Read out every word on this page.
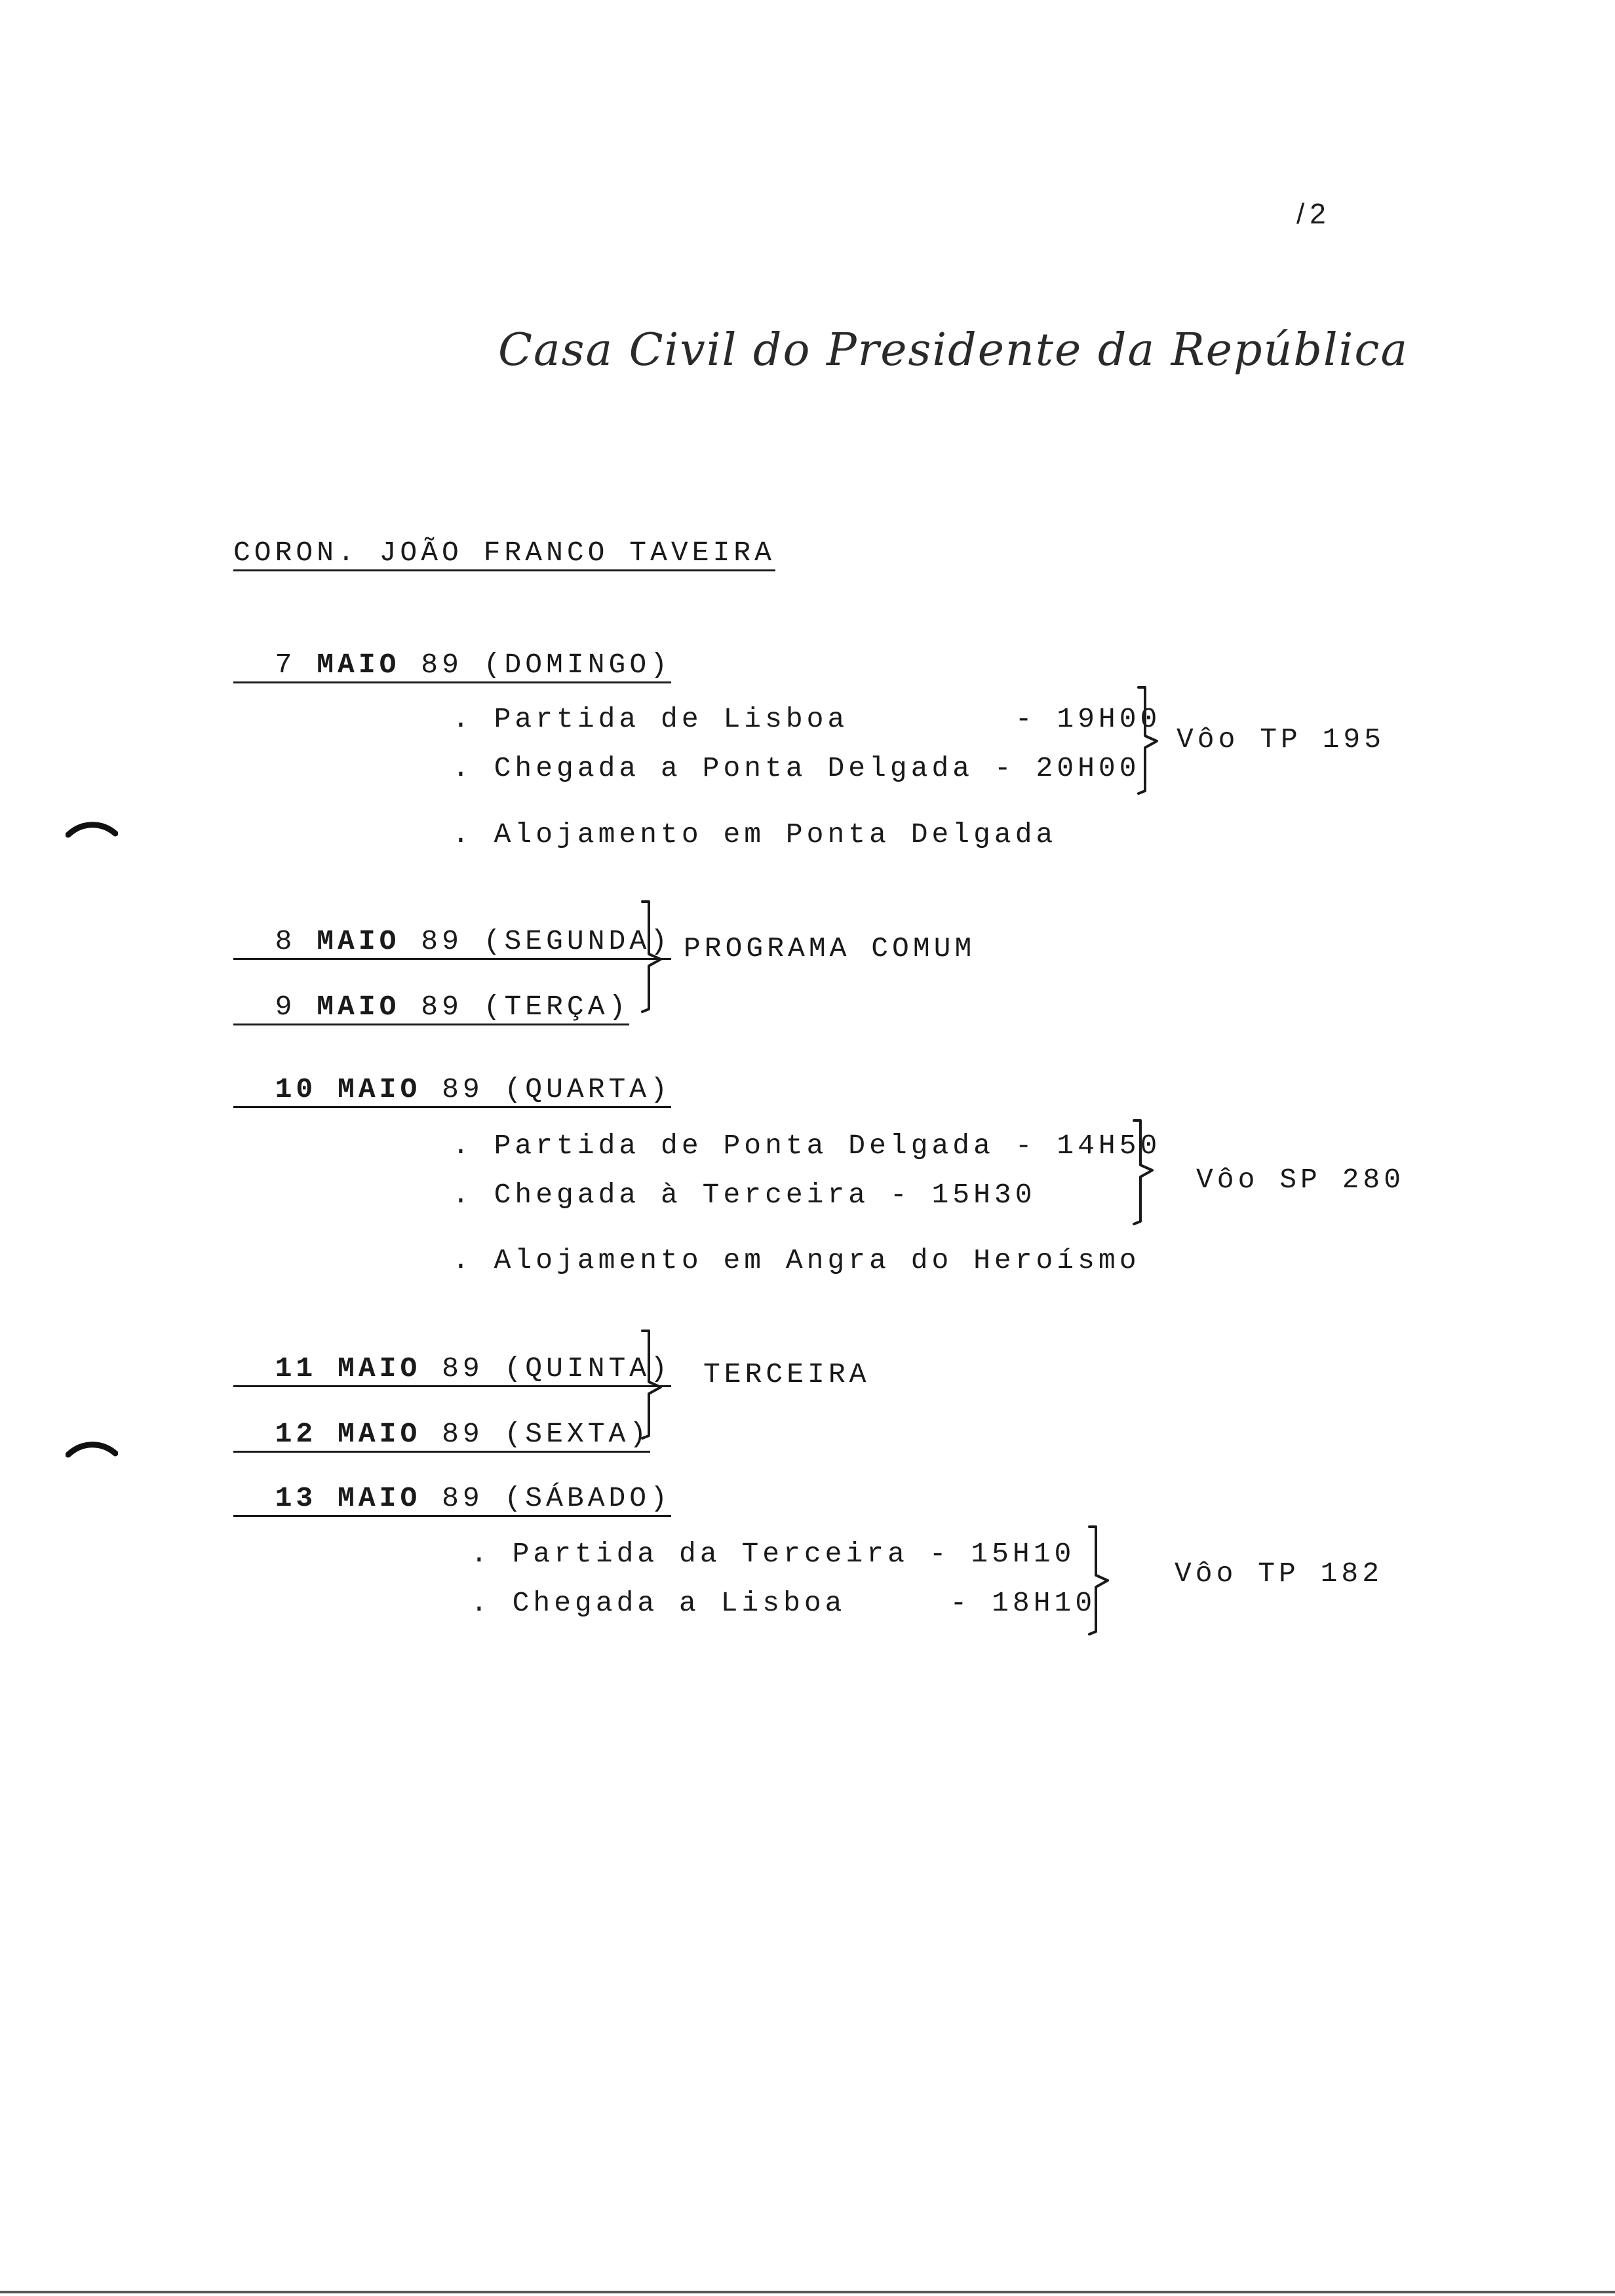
/2
Casa Civil do Presidente da República
CORON. JOÃO FRANCO TAVEIRA

7 MAIO 89 (DOMINGO)

. Partida de Lisboa        - 19H00
. Chegada a Ponta Delgada - 20H00
Vôo TP 195
. Alojamento em Ponta Delgada

8 MAIO 89 (SEGUNDA)

9 MAIO 89 (TERÇA)

PROGRAMA COMUM

10 MAIO 89 (QUARTA)

. Partida de Ponta Delgada - 14H50
. Chegada à Terceira - 15H30	Vôo SP 280
. Alojamento em Angra do Heroísmo

11 MAIO 89 (QUINTA)

12 MAIO 89 (SEXTA)

TERCEIRA

13 MAIO 89 (SÁBADO)

. Partida da Terceira - 15H10
. Chegada a Lisboa     - 18H10
Vôo TP 182
